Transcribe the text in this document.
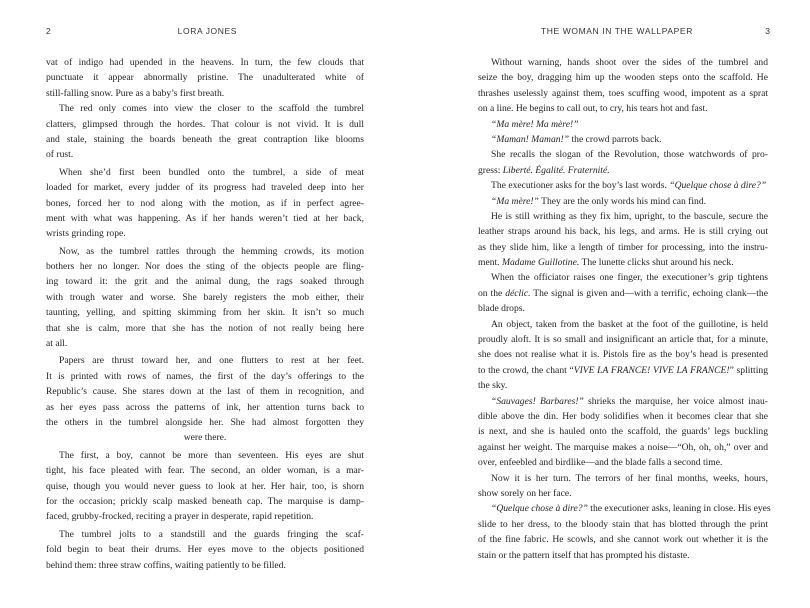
2	LORA JONES
vat of indigo had upended in the heavens. In turn, the few clouds that
punctuate it appear abnormally pristine. The unadulterated white of
still-falling snow. Pure as a baby’s first breath.
The red only comes into view the closer to the scaffold the tumbrel
clatters, glimpsed through the hordes. That colour is not vivid. It is dull
and stale, staining the boards beneath the great contraption like blooms
of rust.
When she’d first been bundled onto the tumbrel, a side of meat
loaded for market, every judder of its progress had traveled deep into her
bones, forced her to nod along with the motion, as if in perfect agree-
ment with what was happening. As if her hands weren’t tied at her back,
wrists grinding rope.
Now, as the tumbrel rattles through the hemming crowds, its motion
bothers her no longer. Nor does the sting of the objects people are fling-
ing toward it: the grit and the animal dung, the rags soaked through
with trough water and worse. She barely registers the mob either, their
taunting, yelling, and spitting skimming from her skin. It isn’t so much
that she is calm, more that she has the notion of not really being here
at all.
Papers are thrust toward her, and one flutters to rest at her feet.
It is printed with rows of names, the first of the day’s offerings to the
Republic’s cause. She stares down at the last of them in recognition, and
as her eyes pass across the patterns of ink, her attention turns back to
the others in the tumbrel alongside her. She had almost forgotten they
were there.
The first, a boy, cannot be more than seventeen. His eyes are shut
tight, his face pleated with fear. The second, an older woman, is a mar-
quise, though you would never guess to look at her. Her hair, too, is shorn
for the occasion; prickly scalp masked beneath cap. The marquise is damp-
faced, grubby-frocked, reciting a prayer in desperate, rapid repetition.
The tumbrel jolts to a standstill and the guards fringing the scaf-
fold begin to beat their drums. Her eyes move to the objects positioned
behind them: three straw coffins, waiting patiently to be filled.
THE WOMAN IN THE WALLPAPER	3
Without warning, hands shoot over the sides of the tumbrel and
seize the boy, dragging him up the wooden steps onto the scaffold. He
thrashes uselessly against them, toes scuffing wood, impotent as a sprat
on a line. He begins to call out, to cry, his tears hot and fast.
“Ma mère! Ma mère!”
“Maman! Maman!” the crowd parrots back.
She recalls the slogan of the Revolution, those watchwords of pro-
gress: Liberté. Égalité. Fraternité.
The executioner asks for the boy’s last words. “Quelque chose à dire?”
“Ma mère!” They are the only words his mind can find.
He is still writhing as they fix him, upright, to the bascule, secure the
leather straps around his back, his legs, and arms. He is still crying out
as they slide him, like a length of timber for processing, into the instru-
ment. Madame Guillotine. The lunette clicks shut around his neck.
When the officiator raises one finger, the executioner’s grip tightens
on the déclic. The signal is given and—with a terrific, echoing clank—the
blade drops.
An object, taken from the basket at the foot of the guillotine, is held
proudly aloft. It is so small and insignificant an article that, for a minute,
she does not realise what it is. Pistols fire as the boy’s head is presented
to the crowd, the chant “VIVE LA FRANCE! VIVE LA FRANCE!” splitting
the sky.
“Sauvages! Barbares!” shrieks the marquise, her voice almost inau-
dible above the din. Her body solidifies when it becomes clear that she
is next, and she is hauled onto the scaffold, the guards’ legs buckling
against her weight. The marquise makes a noise—“Oh, oh, oh,” over and
over, enfeebled and birdlike—and the blade falls a second time.
Now it is her turn. The terrors of her final months, weeks, hours,
show sorely on her face.
“Quelque chose à dire?” the executioner asks, leaning in close. His eyes
slide to her dress, to the bloody stain that has blotted through the print
of the fine fabric. He scowls, and she cannot work out whether it is the
stain or the pattern itself that has prompted his distaste.
